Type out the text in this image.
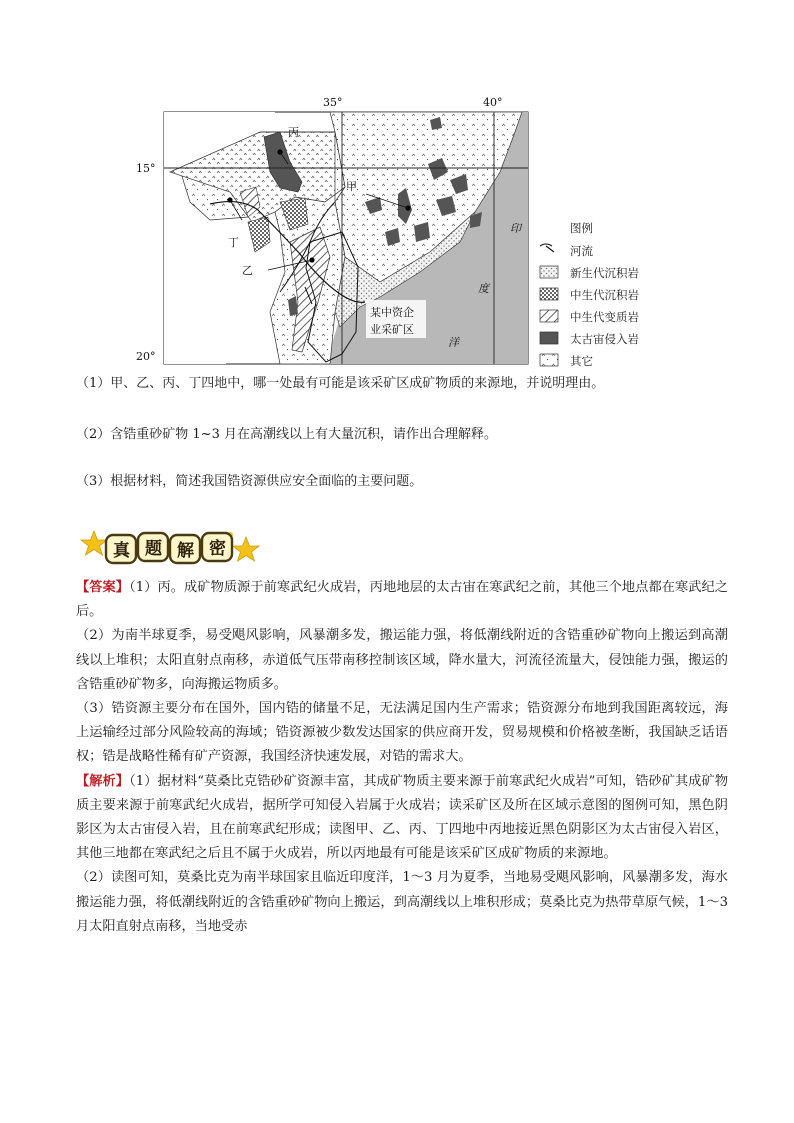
35°	40°
15°
20°
丙
甲
丁
乙
印
度
洋
某中资企
业采矿区
图例
河流
新生代沉积岩
中生代沉积岩
中生代变质岩
太古宙侵入岩
其它
（1）甲、乙、丙、丁四地中，哪一处最有可能是该采矿区成矿物质的来源地，并说明理由。
（2）含锆重砂矿物 1~3 月在高潮线以上有大量沉积，请作出合理解释。
（3）根据材料，简述我国锆资源供应安全面临的主要问题。
真 题 解 密

【答案】（1）丙。成矿物质源于前寒武纪火成岩，丙地地层的太古宙在寒武纪之前，其他三个地点都在寒武纪之后。

（2）为南半球夏季，易受飓风影响，风暴潮多发，搬运能力强，将低潮线附近的含锆重砂矿物向上搬运到高潮线以上堆积；太阳直射点南移，赤道低气压带南移控制该区域，降水量大，河流径流量大，侵蚀能力强，搬运的含锆重砂矿物多，向海搬运物质多。

（3）锆资源主要分布在国外，国内锆的储量不足，无法满足国内生产需求；锆资源分布地到我国距离较远，海上运输经过部分风险较高的海域；锆资源被少数发达国家的供应商开发，贸易规模和价格被垄断，我国缺乏话语权；锆是战略性稀有矿产资源，我国经济快速发展，对锆的需求大。

【解析】（1）据材料“莫桑比克锆砂矿资源丰富，其成矿物质主要来源于前寒武纪火成岩”可知，锆砂矿其成矿物质主要来源于前寒武纪火成岩，据所学可知侵入岩属于火成岩；读采矿区及所在区域示意图的图例可知，黑色阴影区为太古宙侵入岩，且在前寒武纪形成；读图甲、乙、丙、丁四地中丙地接近黑色阴影区为太古宙侵入岩区，其他三地都在寒武纪之后且不属于火成岩，所以丙地最有可能是该采矿区成矿物质的来源地。

（2）读图可知，莫桑比克为南半球国家且临近印度洋，1～3 月为夏季，当地易受飓风影响，风暴潮多发，海水搬运能力强，将低潮线附近的含锆重砂矿物向上搬运，到高潮线以上堆积形成；莫桑比克为热带草原气候，1～3 月太阳直射点南移，当地受赤
